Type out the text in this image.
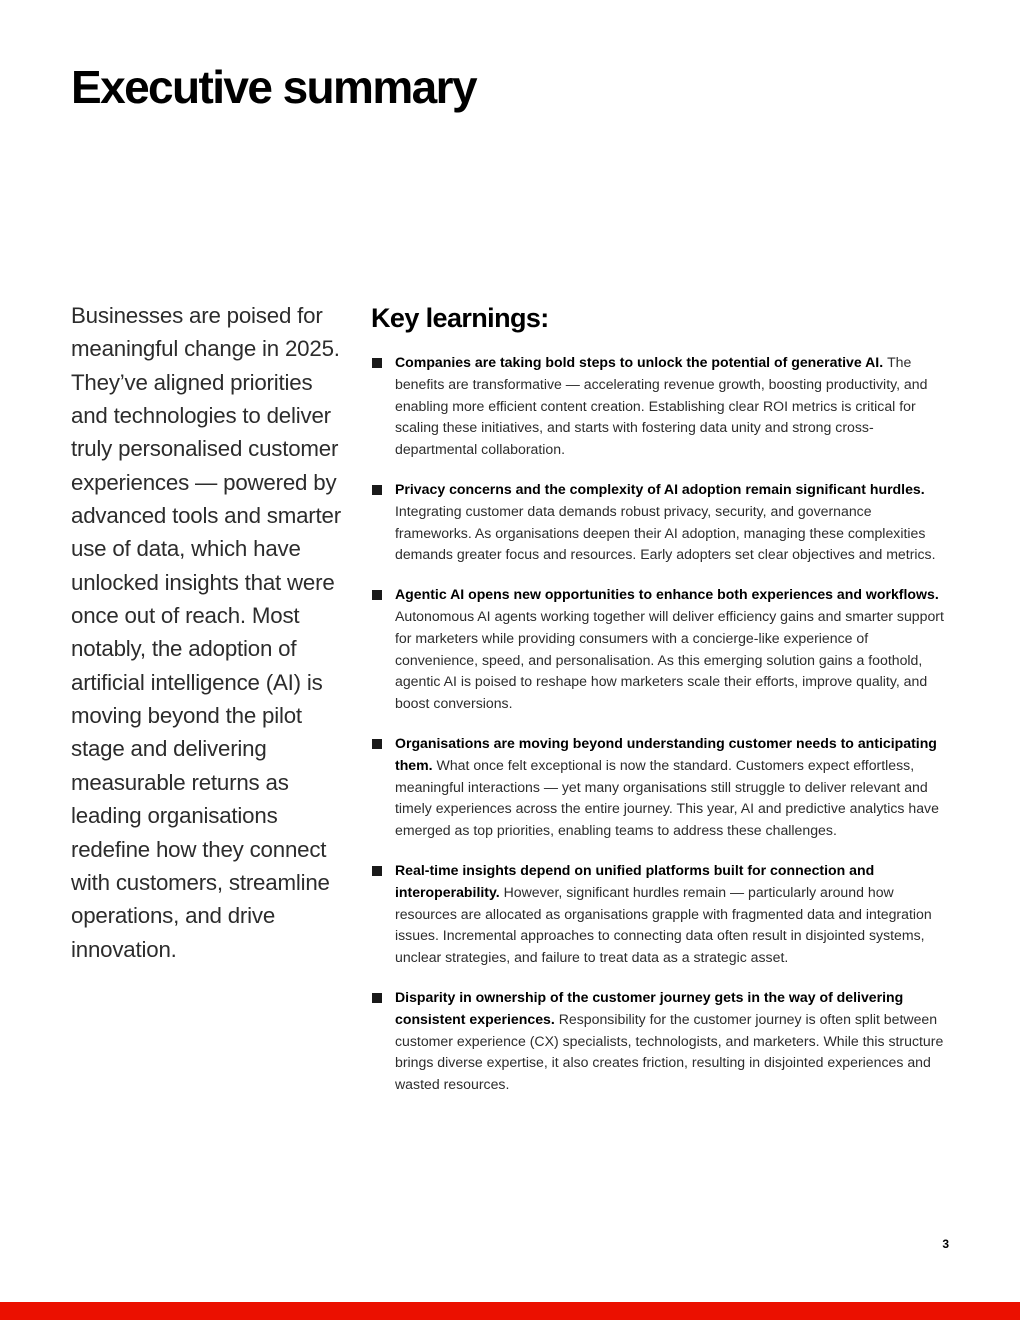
Executive summary

Businesses are poised for meaningful change in 2025. They’ve aligned priorities and technologies to deliver truly personalised customer experiences — powered by advanced tools and smarter use of data, which have unlocked insights that were once out of reach. Most notably, the adoption of artificial intelligence (AI) is moving beyond the pilot stage and delivering measurable returns as leading organisations redefine how they connect with customers, streamline operations, and drive innovation.

Key learnings:
Companies are taking bold steps to unlock the potential of generative AI. The benefits are transformative — accelerating revenue growth, boosting productivity, and enabling more efficient content creation. Establishing clear ROI metrics is critical for scaling these initiatives, and starts with fostering data unity and strong cross-departmental collaboration.
Privacy concerns and the complexity of AI adoption remain significant hurdles. Integrating customer data demands robust privacy, security, and governance frameworks. As organisations deepen their AI adoption, managing these complexities demands greater focus and resources. Early adopters set clear objectives and metrics.
Agentic AI opens new opportunities to enhance both experiences and workflows. Autonomous AI agents working together will deliver efficiency gains and smarter support for marketers while providing consumers with a concierge-like experience of convenience, speed, and personalisation. As this emerging solution gains a foothold, agentic AI is poised to reshape how marketers scale their efforts, improve quality, and boost conversions.
Organisations are moving beyond understanding customer needs to anticipating them. What once felt exceptional is now the standard. Customers expect effortless, meaningful interactions — yet many organisations still struggle to deliver relevant and timely experiences across the entire journey. This year, AI and predictive analytics have emerged as top priorities, enabling teams to address these challenges.
Real-time insights depend on unified platforms built for connection and interoperability. However, significant hurdles remain — particularly around how resources are allocated as organisations grapple with fragmented data and integration issues. Incremental approaches to connecting data often result in disjointed systems, unclear strategies, and failure to treat data as a strategic asset.
Disparity in ownership of the customer journey gets in the way of delivering consistent experiences. Responsibility for the customer journey is often split between customer experience (CX) specialists, technologists, and marketers. While this structure brings diverse expertise, it also creates friction, resulting in disjointed experiences and wasted resources.
3
